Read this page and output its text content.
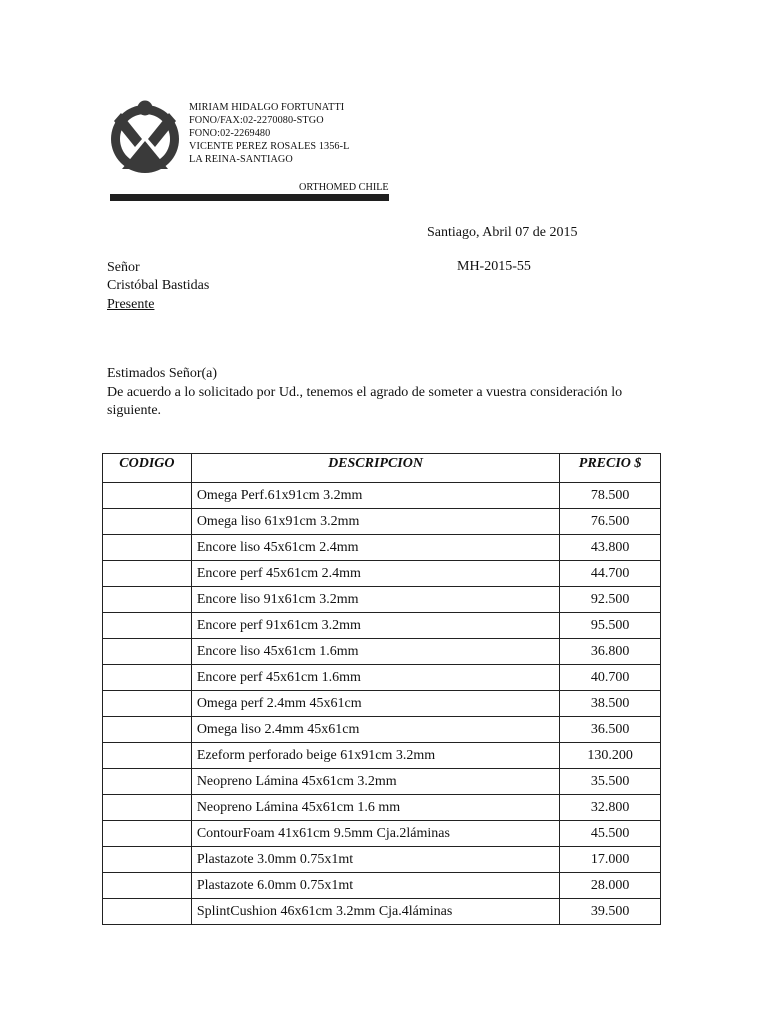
MIRIAM HIDALGO FORTUNATTI
FONO/FAX:02-2270080-STGO
FONO:02-2269480
VICENTE PEREZ ROSALES 1356-L
LA REINA-SANTIAGO
ORTHOMED CHILE
Santiago, Abril 07 de 2015
MH-2015-55
Señor
Cristóbal Bastidas
Presente
Estimados Señor(a)
De acuerdo a lo solicitado por Ud., tenemos el agrado de someter a vuestra consideración lo siguiente.
CODIGO	DESCRIPCION	PRECIO $
	Omega Perf.61x91cm 3.2mm	78.500
	Omega liso 61x91cm 3.2mm	76.500
	Encore liso 45x61cm 2.4mm	43.800
	Encore perf 45x61cm 2.4mm	44.700
	Encore liso 91x61cm 3.2mm	92.500
	Encore perf 91x61cm 3.2mm	95.500
	Encore liso 45x61cm 1.6mm	36.800
	Encore perf 45x61cm 1.6mm	40.700
	Omega perf 2.4mm 45x61cm	38.500
	Omega liso 2.4mm 45x61cm	36.500
	Ezeform perforado beige 61x91cm 3.2mm	130.200
	Neopreno Lámina 45x61cm 3.2mm	35.500
	Neopreno Lámina 45x61cm 1.6 mm	32.800
	ContourFoam 41x61cm 9.5mm Cja.2láminas	45.500
	Plastazote 3.0mm 0.75x1mt	17.000
	Plastazote 6.0mm 0.75x1mt	28.000
	SplintCushion 46x61cm 3.2mm Cja.4láminas	39.500
